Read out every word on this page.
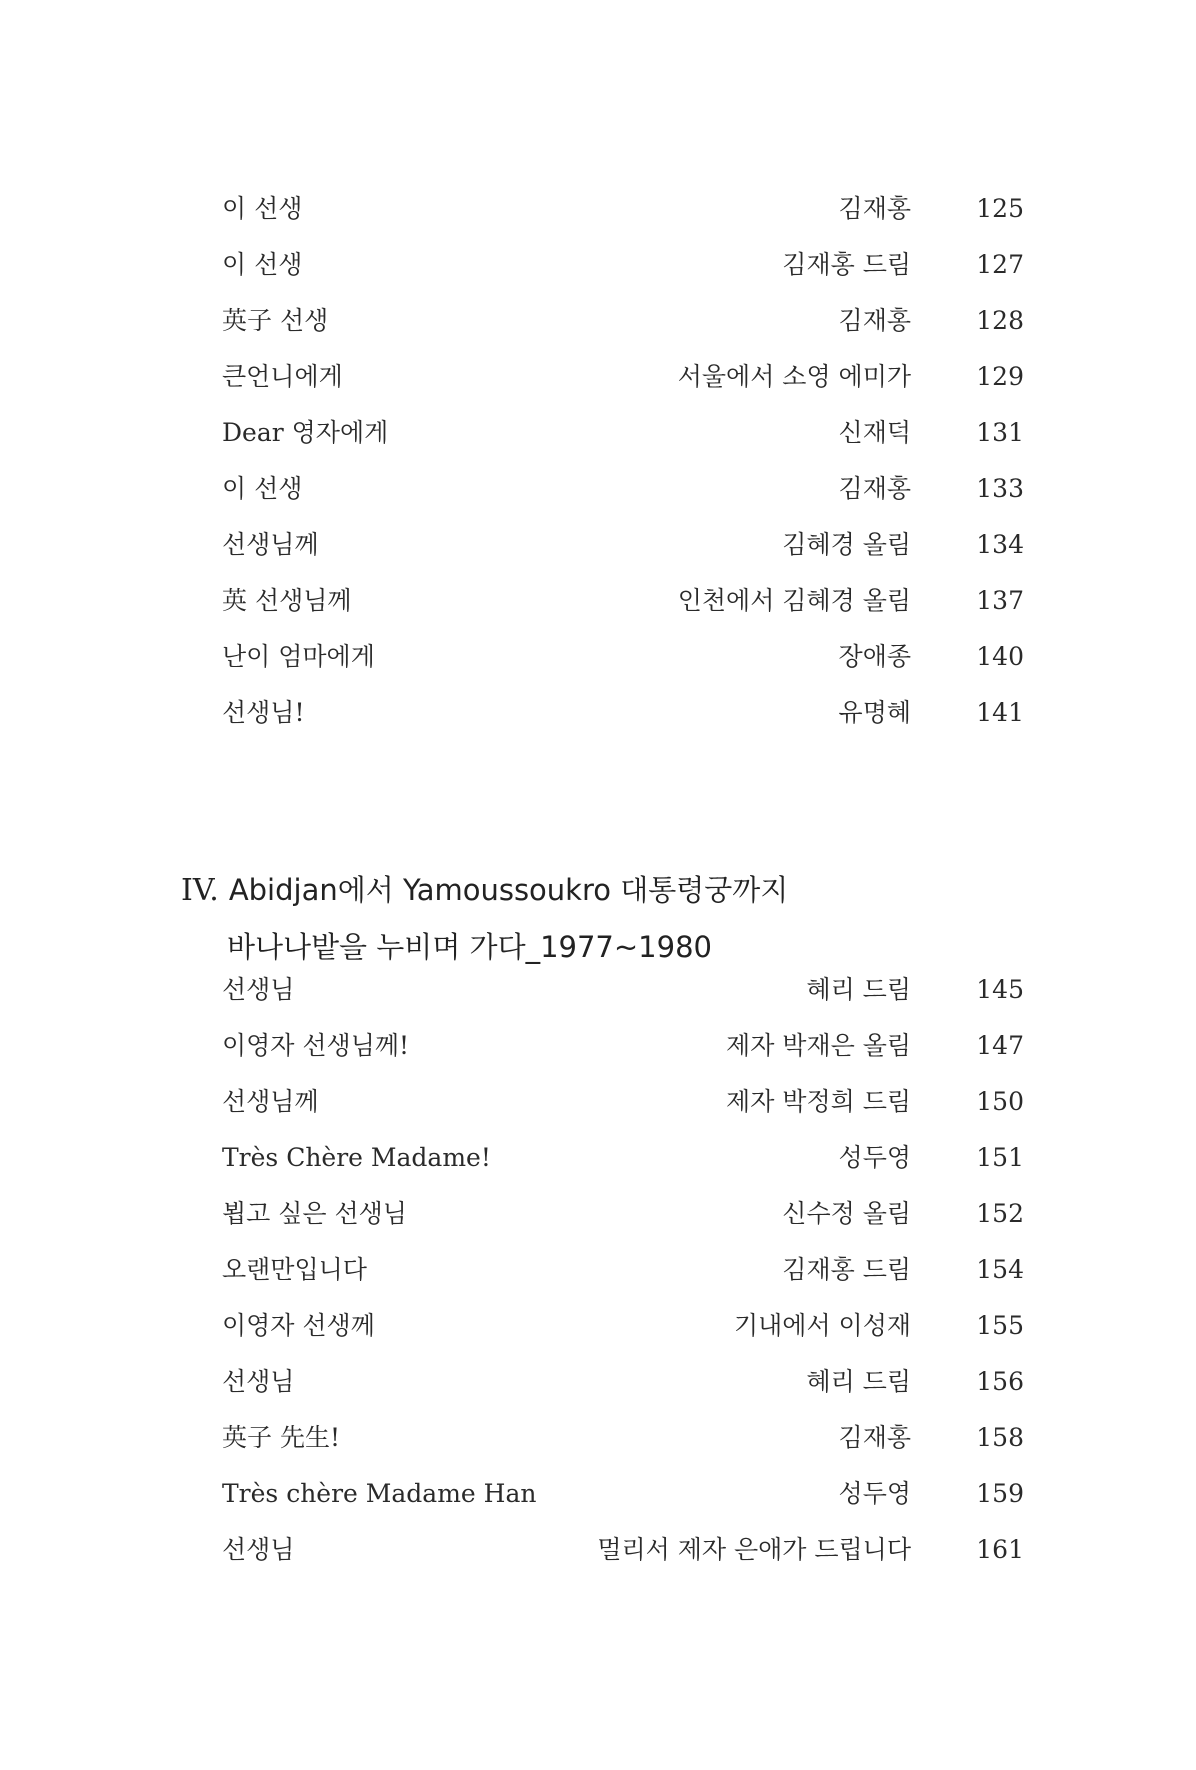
이 선생	김재홍	125
이 선생	김재홍 드림	127
英子 선생	김재홍	128
큰언니에게	서울에서 소영 에미가	129
Dear 영자에게	신재덕	131
이 선생	김재홍	133
선생님께	김혜경 올림	134
英 선생님께	인천에서 김혜경 올림	137
난이 엄마에게	장애종	140
선생님!	유명혜	141
IV. Abidjan에서 Yamoussoukro 대통령궁까지
바나나밭을 누비며 가다_1977~1980
선생님	혜리 드림	145
이영자 선생님께!	제자 박재은 올림	147
선생님께	제자 박정희 드림	150
Très Chère Madame!	성두영	151
뵙고 싶은 선생님	신수정 올림	152
오랜만입니다	김재홍 드림	154
이영자 선생께	기내에서 이성재	155
선생님	혜리 드림	156
英子 先生!	김재홍	158
Très chère Madame Han	성두영	159
선생님	멀리서 제자 은애가 드립니다	161
